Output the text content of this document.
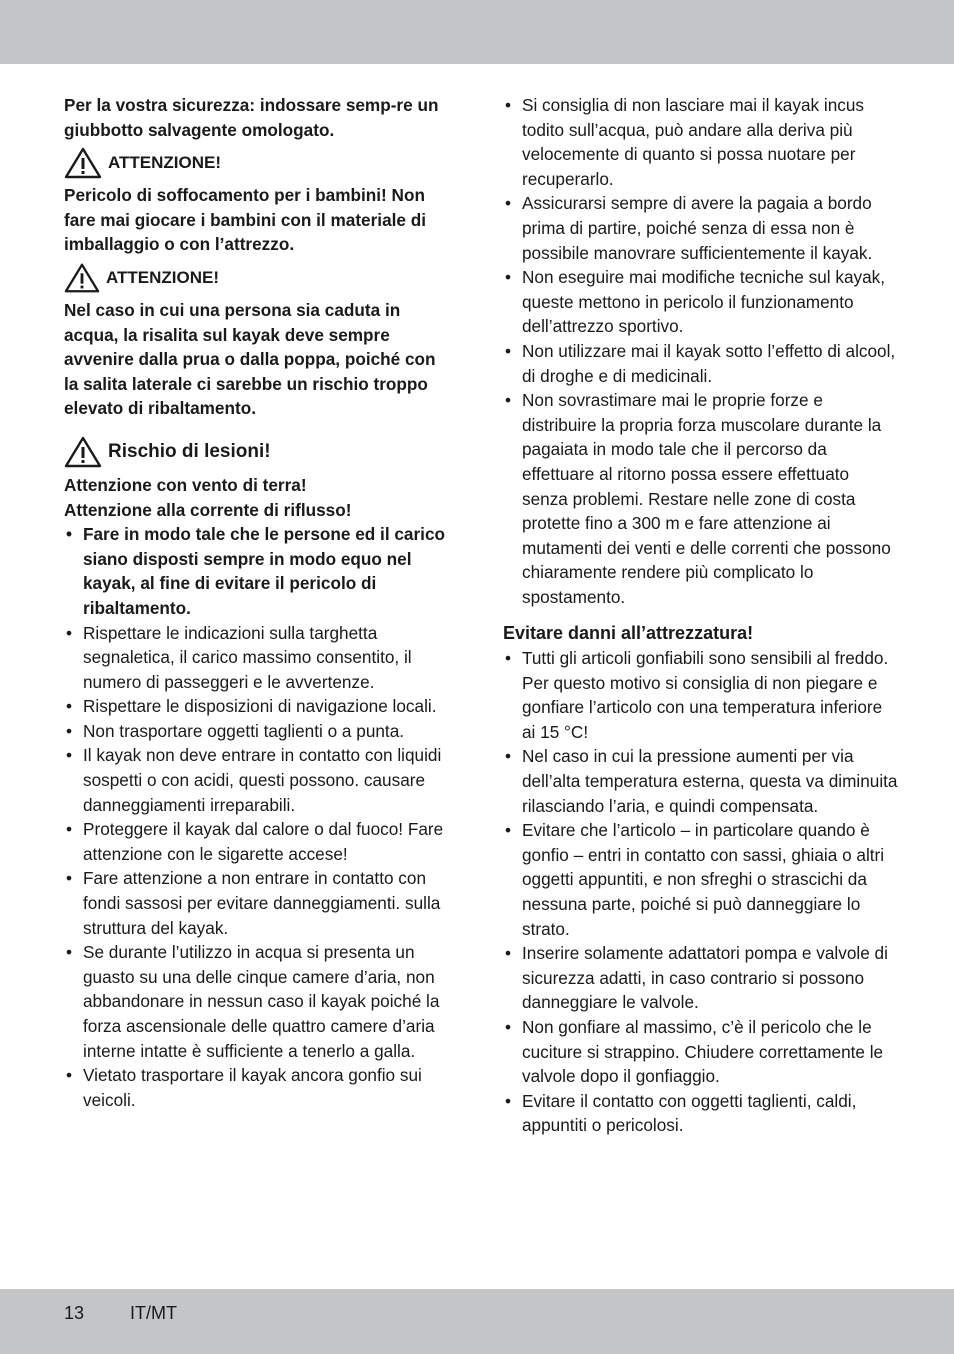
Per la vostra sicurezza: indossare semp-re un giubbotto salvagente omologato.

ATTENZIONE!

Pericolo di soffocamento per i bambini! Non fare mai giocare i bambini con il materiale di imballaggio o con l’attrezzo.

ATTENZIONE!

Nel caso in cui una persona sia caduta in acqua, la risalita sul kayak deve sempre avvenire dalla prua o dalla poppa, poiché con la salita laterale ci sarebbe un rischio troppo elevato di ribaltamento.

Rischio di lesioni!

Attenzione con vento di terra!

Attenzione alla corrente di riflusso!

• Fare in modo tale che le persone ed il carico siano disposti sempre in modo equo nel kayak, al fine di evitare il pericolo di ribaltamento.
• Rispettare le indicazioni sulla targhetta segnaletica, il carico massimo consentito, il numero di passeggeri e le avvertenze.
• Rispettare le disposizioni di navigazione locali.
• Non trasportare oggetti taglienti o a punta.
• Il kayak non deve entrare in contatto con liquidi sospetti o con acidi, questi possono. causare danneggiamenti irreparabili.
• Proteggere il kayak dal calore o dal fuoco! Fare attenzione con le sigarette accese!
• Fare attenzione a non entrare in contatto con fondi sassosi per evitare danneggiamenti. sulla struttura del kayak.
• Se durante l’utilizzo in acqua si presenta un guasto su una delle cinque camere d’aria, non abbandonare in nessun caso il kayak poiché la forza ascensionale delle quattro camere d’aria interne intatte è sufficiente a tenerlo a galla.
• Vietato trasportare il kayak ancora gonfio sui veicoli.
• Si consiglia di non lasciare mai il kayak incus todito sull’acqua, può andare alla deriva più velocemente di quanto si possa nuotare per recuperarlo.
• Assicurarsi sempre di avere la pagaia a bordo prima di partire, poiché senza di essa non è possibile manovrare sufficientemente il kayak.
• Non eseguire mai modifiche tecniche sul kayak, queste mettono in pericolo il funzionamento dell’attrezzo sportivo.
• Non utilizzare mai il kayak sotto l’effetto di alcool, di droghe e di medicinali.
• Non sovrastimare mai le proprie forze e distribuire la propria forza muscolare durante la pagaiata in modo tale che il percorso da effettuare al ritorno possa essere effettuato senza problemi. Restare nelle zone di costa protette fino a 300 m e fare attenzione ai mutamenti dei venti e delle correnti che possono chiaramente rendere più complicato lo spostamento.

Evitare danni all’attrezzatura!

• Tutti gli articoli gonfiabili sono sensibili al freddo. Per questo motivo si consiglia di non piegare e gonfiare l’articolo con una temperatura inferiore ai 15 °C!
• Nel caso in cui la pressione aumenti per via dell’alta temperatura esterna, questa va diminuita rilasciando l’aria, e quindi compensata.
• Evitare che l’articolo – in particolare quando è gonfio – entri in contatto con sassi, ghiaia o altri oggetti appuntiti, e non sfreghi o strascichi da nessuna parte, poiché si può danneggiare lo strato.
• Inserire solamente adattatori pompa e valvole di sicurezza adatti, in caso contrario si possono danneggiare le valvole.
• Non gonfiare al massimo, c’è il pericolo che le cuciture si strappino. Chiudere correttamente le valvole dopo il gonfiaggio.
• Evitare il contatto con oggetti taglienti, caldi, appuntiti o pericolosi.
13	IT/MT
